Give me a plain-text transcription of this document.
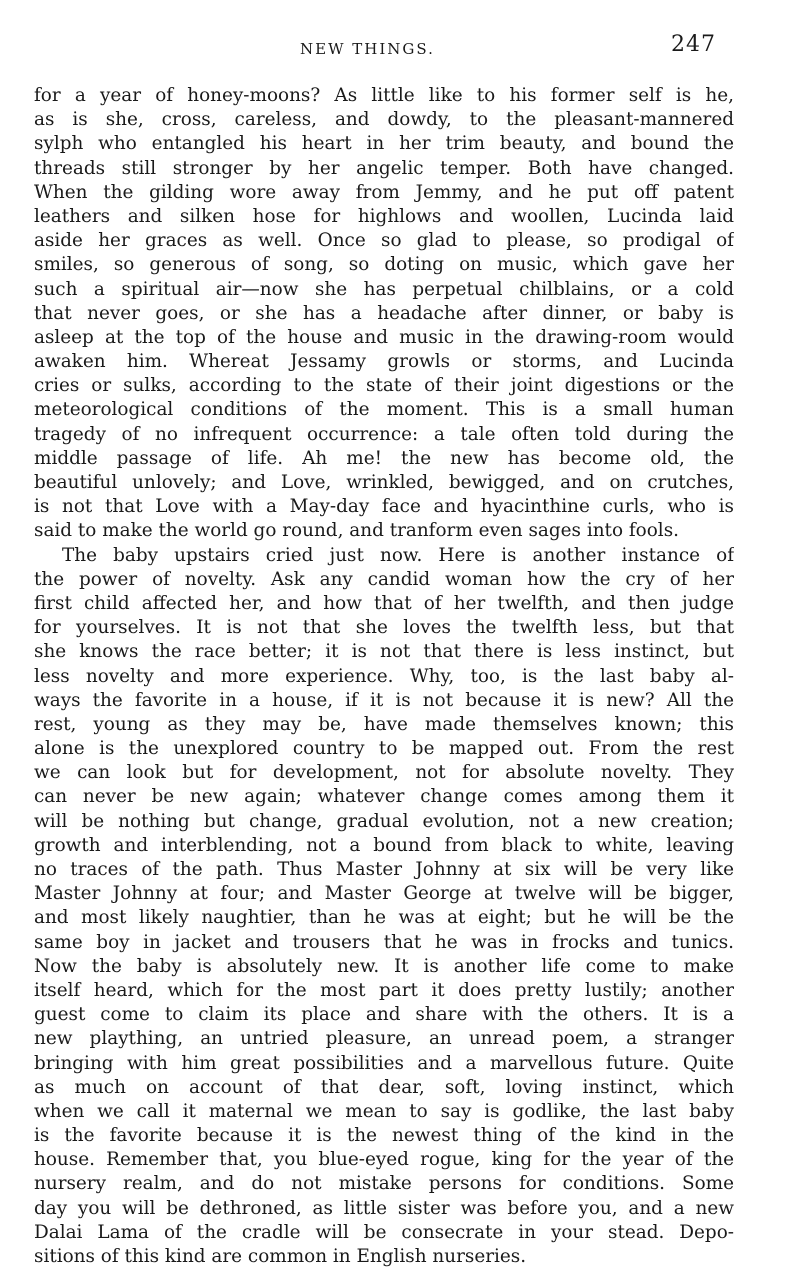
NEW THINGS.	247
for a year of honey-moons? As little like to his former self is he,
as is she, cross, careless, and dowdy, to the pleasant-mannered
sylph who entangled his heart in her trim beauty, and bound the
threads still stronger by her angelic temper. Both have changed.
When the gilding wore away from Jemmy, and he put off patent
leathers and silken hose for highlows and woollen, Lucinda laid
aside her graces as well. Once so glad to please, so prodigal of
smiles, so generous of song, so doting on music, which gave her
such a spiritual air—now she has perpetual chilblains, or a cold
that never goes, or she has a headache after dinner, or baby is
asleep at the top of the house and music in the drawing-room would
awaken him. Whereat Jessamy growls or storms, and Lucinda
cries or sulks, according to the state of their joint digestions or the
meteorological conditions of the moment. This is a small human
tragedy of no infrequent occurrence: a tale often told during the
middle passage of life. Ah me! the new has become old, the
beautiful unlovely; and Love, wrinkled, bewigged, and on crutches,
is not that Love with a May-day face and hyacinthine curls, who is
said to make the world go round, and tranform even sages into fools.
The baby upstairs cried just now. Here is another instance of
the power of novelty. Ask any candid woman how the cry of her
first child affected her, and how that of her twelfth, and then judge
for yourselves. It is not that she loves the twelfth less, but that
she knows the race better; it is not that there is less instinct, but
less novelty and more experience. Why, too, is the last baby al-
ways the favorite in a house, if it is not because it is new? All the
rest, young as they may be, have made themselves known; this
alone is the unexplored country to be mapped out. From the rest
we can look but for development, not for absolute novelty. They
can never be new again; whatever change comes among them it
will be nothing but change, gradual evolution, not a new creation;
growth and interblending, not a bound from black to white, leaving
no traces of the path. Thus Master Johnny at six will be very like
Master Johnny at four; and Master George at twelve will be bigger,
and most likely naughtier, than he was at eight; but he will be the
same boy in jacket and trousers that he was in frocks and tunics.
Now the baby is absolutely new. It is another life come to make
itself heard, which for the most part it does pretty lustily; another
guest come to claim its place and share with the others. It is a
new plaything, an untried pleasure, an unread poem, a stranger
bringing with him great possibilities and a marvellous future. Quite
as much on account of that dear, soft, loving instinct, which
when we call it maternal we mean to say is godlike, the last baby
is the favorite because it is the newest thing of the kind in the
house. Remember that, you blue-eyed rogue, king for the year of the
nursery realm, and do not mistake persons for conditions. Some
day you will be dethroned, as little sister was before you, and a new
Dalai Lama of the cradle will be consecrate in your stead. Depo-
sitions of this kind are common in English nurseries.
